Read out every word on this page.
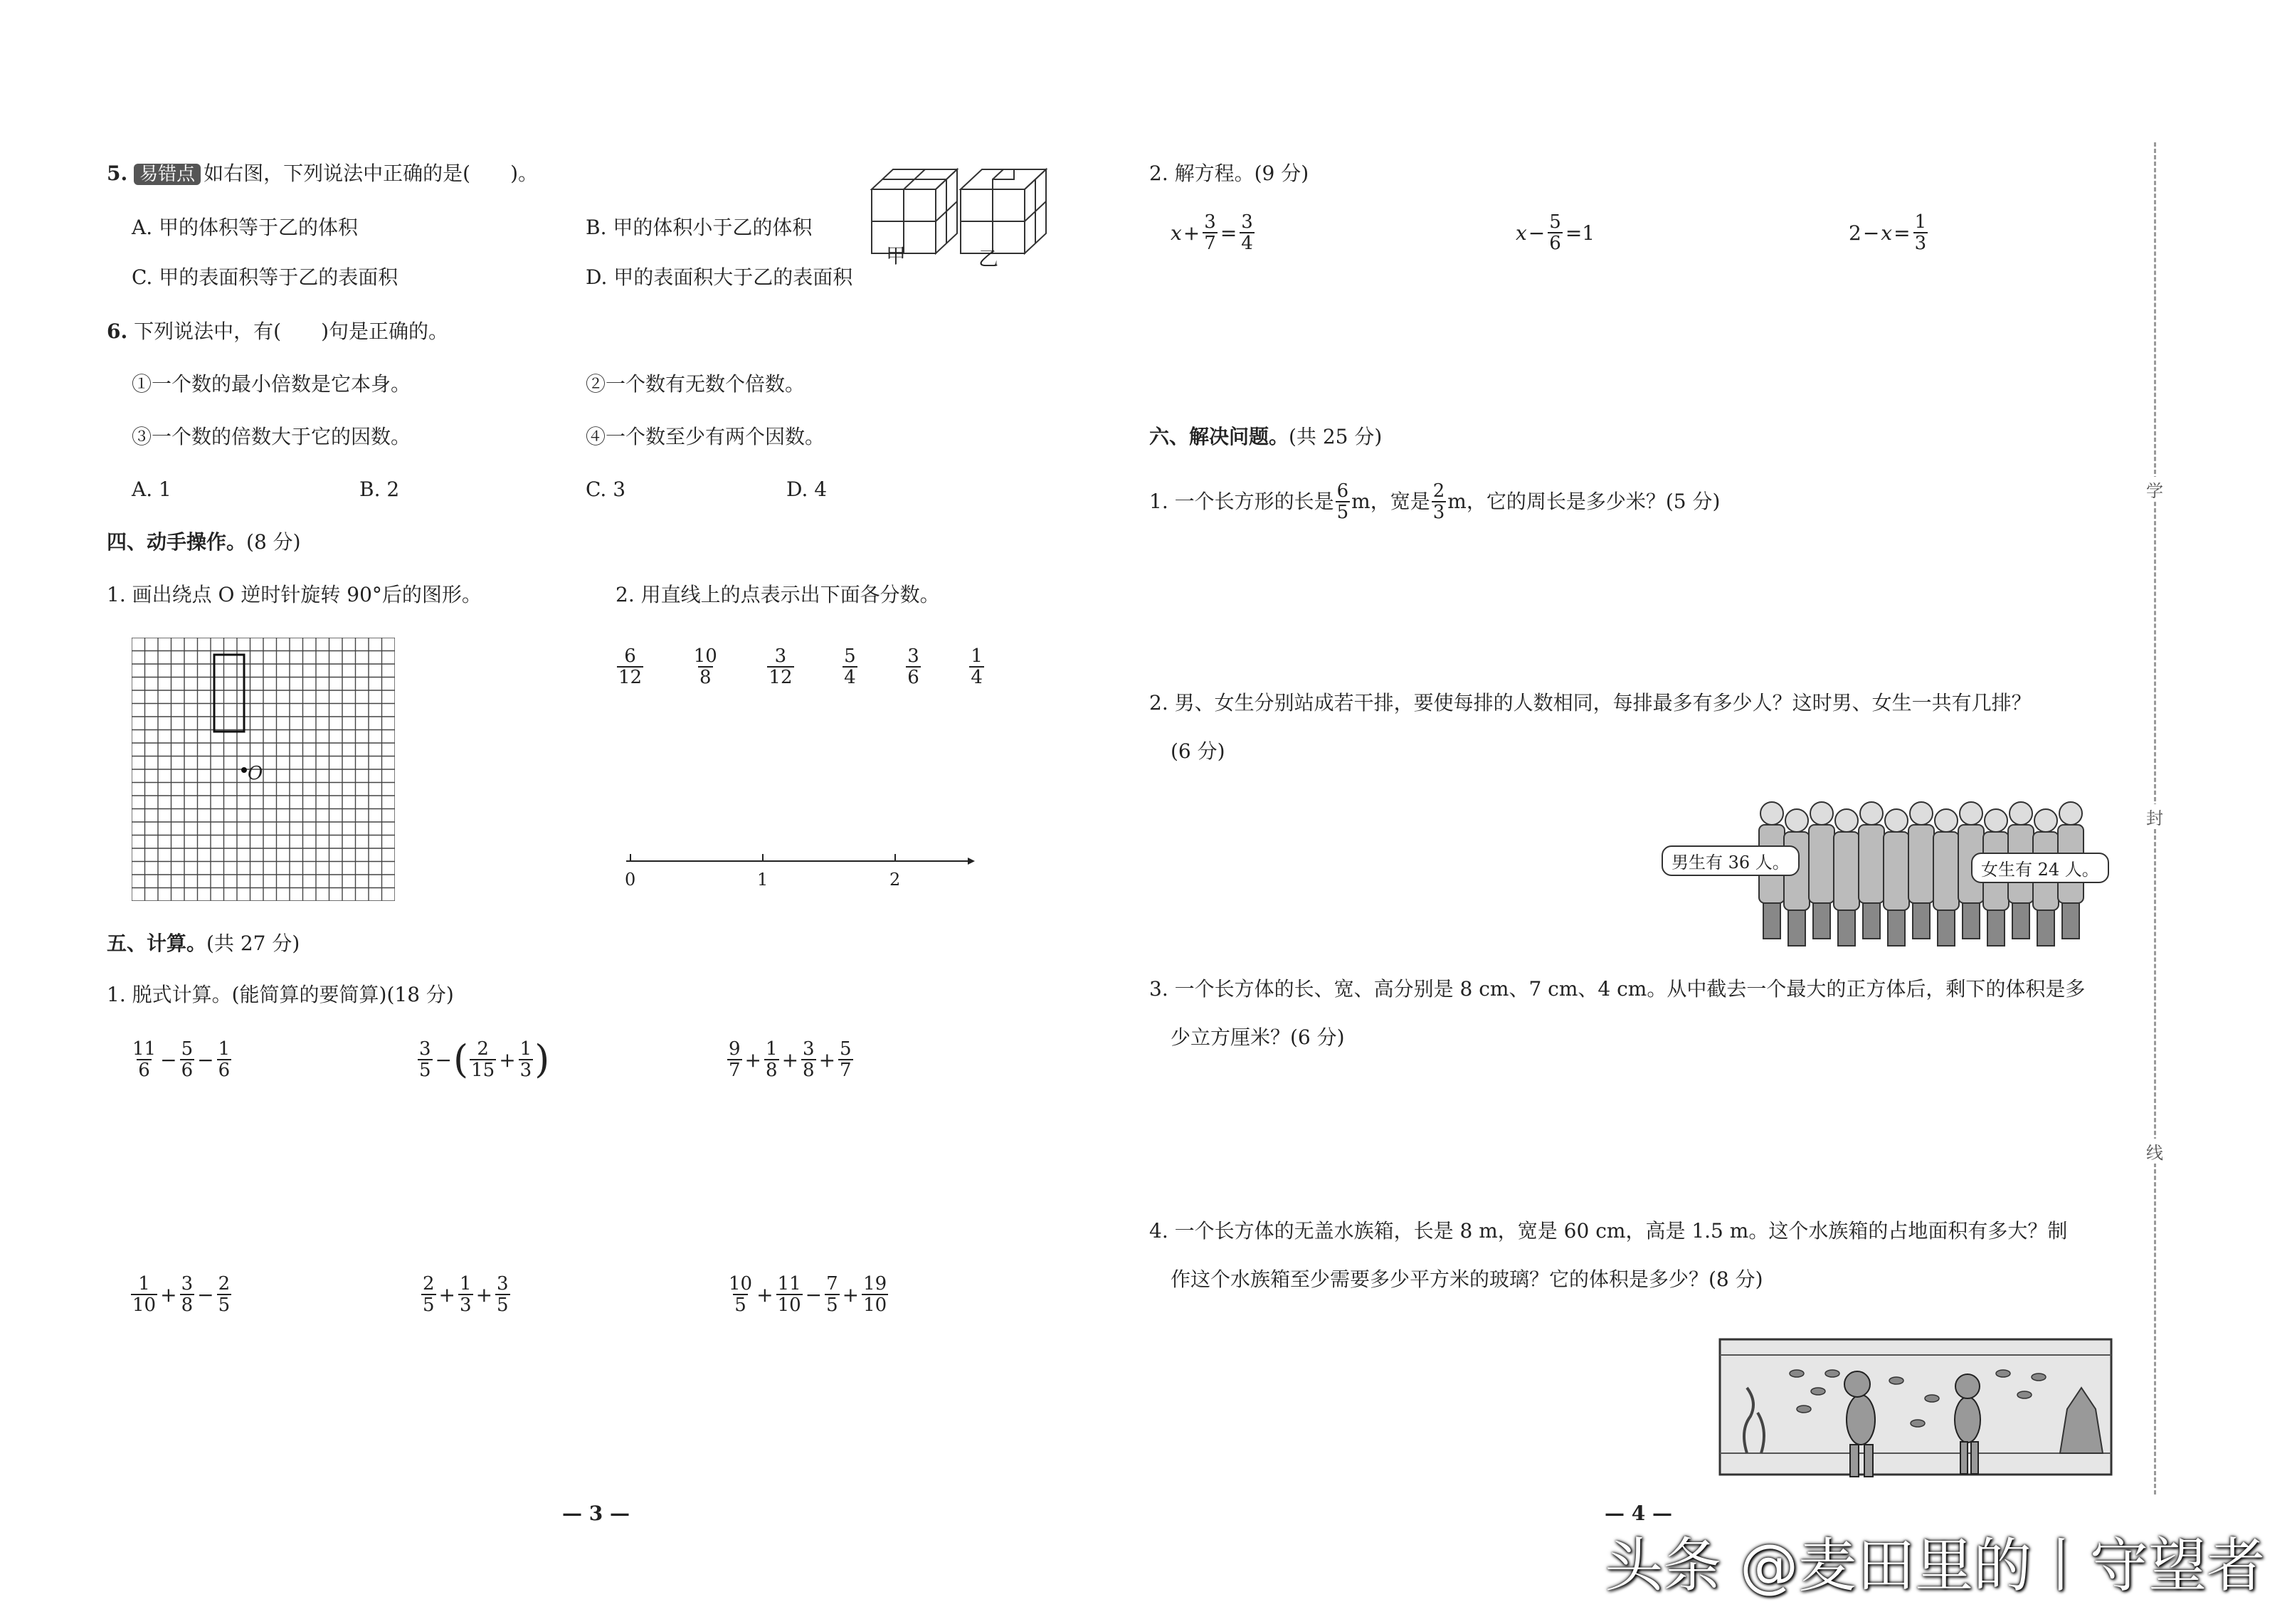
5. 易错点 如右图，下列说法中正确的是(　　)。
A. 甲的体积等于乙的体积	B. 甲的体积小于乙的体积
C. 甲的表面积等于乙的表面积	D. 甲的表面积大于乙的表面积
甲	乙
6. 下列说法中，有(　　)句是正确的。
①一个数的最小倍数是它本身。	②一个数有无数个倍数。
③一个数的倍数大于它的因数。	④一个数至少有两个因数。
A. 1	B. 2	C. 3	D. 4
四、动手操作。(8 分)
1. 画出绕点 O 逆时针旋转 90°后的图形。	2. 用直线上的点表示出下面各分数。
O
$\frac{6}{12}$	$\frac{10}{8}$	$\frac{3}{12}$	$\frac{5}{4}$	$\frac{3}{6}$	$\frac{1}{4}$
0	1	2
五、计算。(共 27 分)
1. 脱式计算。(能简算的要简算)(18 分)
$\frac{11}{6} - \frac{5}{6} - \frac{1}{6}$	$\frac{3}{5}$ − ( $\frac{2}{15} + \frac{1}{3}$ )	$\frac{9}{7} + \frac{1}{8} + \frac{3}{8} + \frac{5}{7}$
$\frac{1}{10} + \frac{3}{8} - \frac{2}{5}$	$\frac{2}{5} + \frac{1}{3} + \frac{3}{5}$	$\frac{10}{5} + \frac{11}{10} - \frac{7}{5} + \frac{19}{10}$
— 3 —
2. 解方程。(9 分)
$x + \frac{3}{7} = \frac{3}{4}$	$x - \frac{5}{6} =1$	$2 - x = \frac{1}{3}$
六、解决问题。(共 25 分)
1. 一个长方形的长是 $\frac{6}{5}$ m，宽是 $\frac{2}{3}$ m，它的周长是多少米？(5 分)
2. 男、女生分别站成若干排，要使每排的人数相同，每排最多有多少人？这时男、女生一共有几排？
(6 分)
男生有 36 人。	女生有 24 人。
3. 一个长方体的长、宽、高分别是 8 cm、7 cm、4 cm。从中截去一个最大的正方体后，剩下的体积是多
少立方厘米？(6 分)
4. 一个长方体的无盖水族箱，长是 8 m，宽是 60 cm，高是 1.5 m。这个水族箱的占地面积有多大？制
作这个水族箱至少需要多少平方米的玻璃？它的体积是多少？(8 分)
— 4 —
学
封
线
头条 @麦田里的丨守望者
